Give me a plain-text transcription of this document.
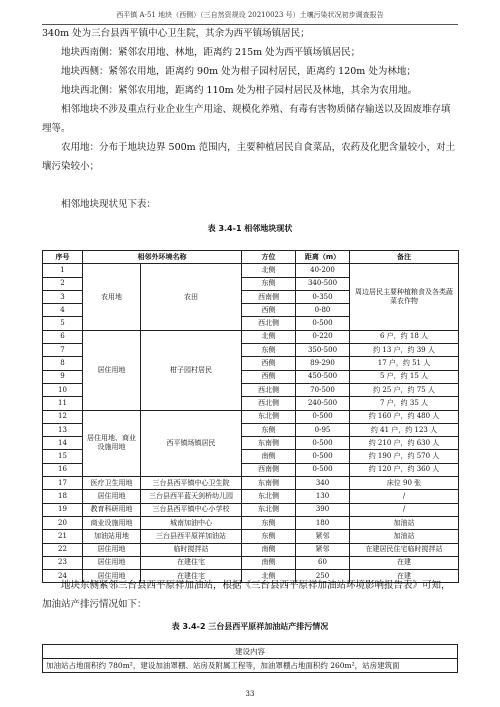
西平镇 A-51 地块（西侧）（三自然资规设 20210023 号）土壤污染状况初步调查报告
340m 处为三台县西平镇中心卫生院，其余为西平镇场镇居民；
地块西南侧：紧邻农用地、林地，距离约 215m 处为西平镇场镇居民；
地块西侧：紧邻农用地，距离约 90m 处为柑子园村居民，距离约 120m 处为林地；
地块西北侧：紧邻农用地，距离约 110m 处为柑子园村居民及林地，其余为农用地。
相邻地块不涉及重点行业企业生产用途、规模化养殖、有毒有害物质储存输送以及固废堆存填埋等。
农用地：分布于地块边界 500m 范围内，主要种植居民自食菜品，农药及化肥含量较小，对土壤污染较小；
相邻地块现状见下表：
表 3.4-1 相邻地块现状
序号	相邻外环境名称		方位	距离（m）	备注
1	农用地	农田	北侧	40-200	周边居民主要种植粮食及各类蔬菜农作物
2			东侧	340-500	
3			西南侧	0-350	
4			西侧	0-80	
5			西北侧	0-500	
6	居住用地	柑子园村居民	北侧	0-220	6 户，约 18 人
7			东侧	350-500	约 13 户，约 39 人
8			西侧	89-290	17 户，约 51 人
9			西侧	450-500	5 户，约 15 人
10			西北侧	70-500	约 25 户，约 75 人
11			西北侧	240-500	7 户，约 35 人
12	居住用地、商业设施用地	西平镇场镇居民	东北侧	0-500	约 160 户，约 480 人
13			东侧	0-95	约 41 户，约 123 人
14			东南侧	0-500	约 210 户，约 630 人
15			南侧	0-500	约 190 户，约 570 人
16			西南侧	0-500	约 120 户，约 360 人
17	医疗卫生用地	三台县西平镇中心卫生院	东南侧	340	床位 90 张
18	居住用地	三台县西平蓝天剑桥幼儿园	东北侧	130	/
19	教育科研用地	三台县西平镇中心小学校	东北侧	390	/
20	商业设施用地	城南加油中心	东侧	180	加油站
21	加油站用地	三台县西平原祥加油站	东侧	紧邻	加油站
22	居住用地	临时搅拌站	南侧	紧邻	在建居民住宅临时搅拌站
23	居住用地	在建住宅	南侧	60	在建
24	居住用地	在建住宅	北侧	250	在建
地块东侧紧邻三台县西平原祥加油站，根据《三台县西平原祥加油站环境影响报告表》可知，加油站产排污情况如下：
表 3.4-2 三台县西平原祥加油站产排污情况
建设内容
加油站占地面积约 780m²，建设加油罩棚、站房及附属工程等，加油罩棚占地面积约 260m²，站房建筑面
33
